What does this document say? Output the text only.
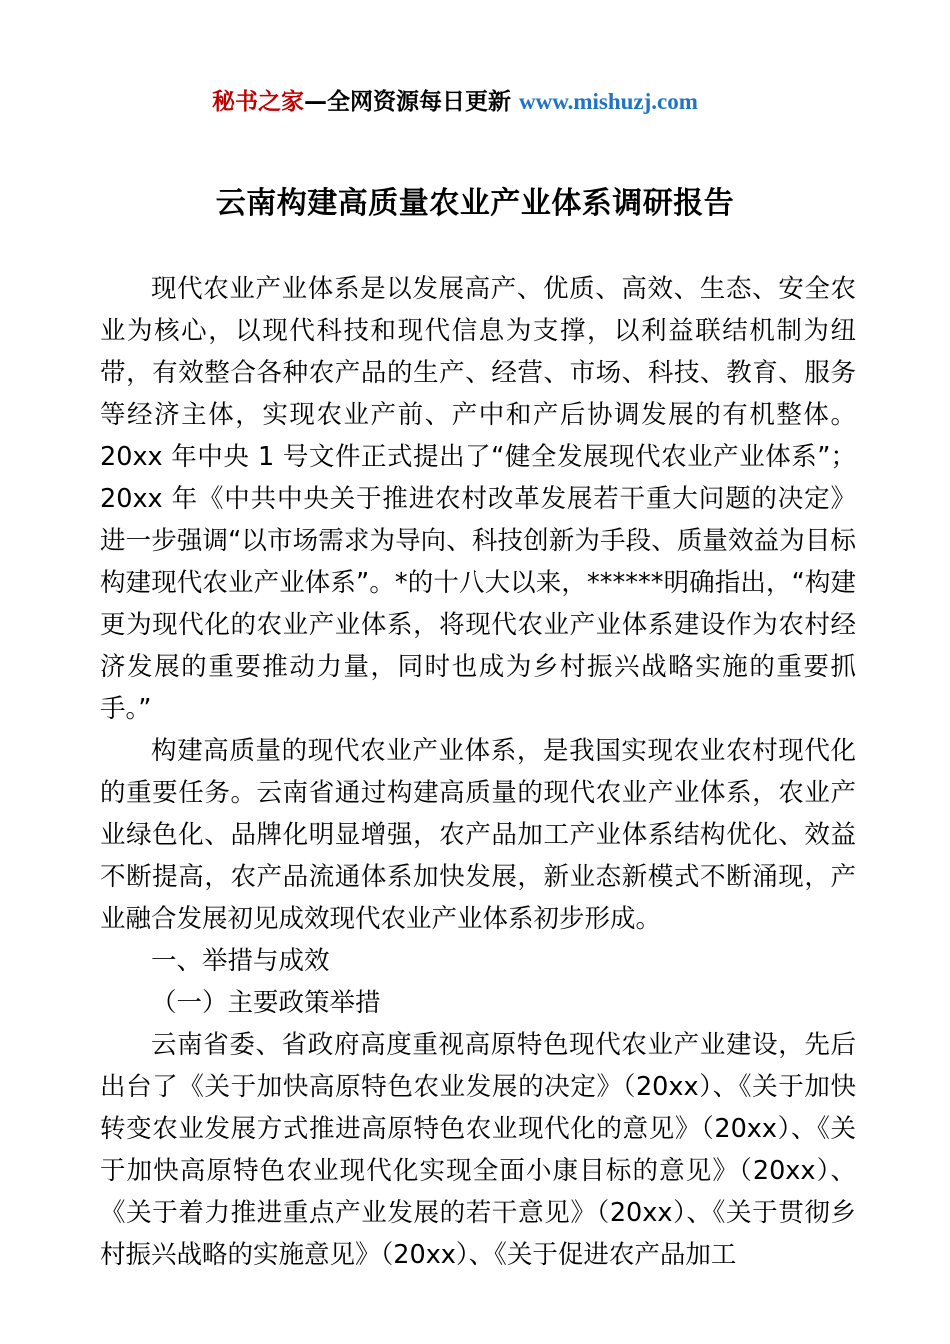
秘书之家—全网资源每日更新 www.mishuzj.com
云南构建高质量农业产业体系调研报告

现代农业产业体系是以发展高产、优质、高效、生态、安全农业为核心，以现代科技和现代信息为支撑，以利益联结机制为纽带，有效整合各种农产品的生产、经营、市场、科技、教育、服务等经济主体，实现农业产前、产中和产后协调发展的有机整体。20xx 年中央 1 号文件正式提出了“健全发展现代农业产业体系”；20xx 年《中共中央关于推进农村改革发展若干重大问题的决定》进一步强调“以市场需求为导向、科技创新为手段、质量效益为目标构建现代农业产业体系”。*的十八大以来，******明确指出，“构建更为现代化的农业产业体系，将现代农业产业体系建设作为农村经济发展的重要推动力量，同时也成为乡村振兴战略实施的重要抓手。”

构建高质量的现代农业产业体系，是我国实现农业农村现代化的重要任务。云南省通过构建高质量的现代农业产业体系，农业产业绿色化、品牌化明显增强，农产品加工产业体系结构优化、效益不断提高，农产品流通体系加快发展，新业态新模式不断涌现，产业融合发展初见成效现代农业产业体系初步形成。

一、举措与成效

（一）主要政策举措

云南省委、省政府高度重视高原特色现代农业产业建设，先后出台了《关于加快高原特色农业发展的决定》（20xx）、《关于加快转变农业发展方式推进高原特色农业现代化的意见》（20xx）、《关于加快高原特色农业现代化实现全面小康目标的意见》（20xx）、《关于着力推进重点产业发展的若干意见》（20xx）、《关于贯彻乡村振兴战略的实施意见》（20xx）、《关于促进农产品加工
